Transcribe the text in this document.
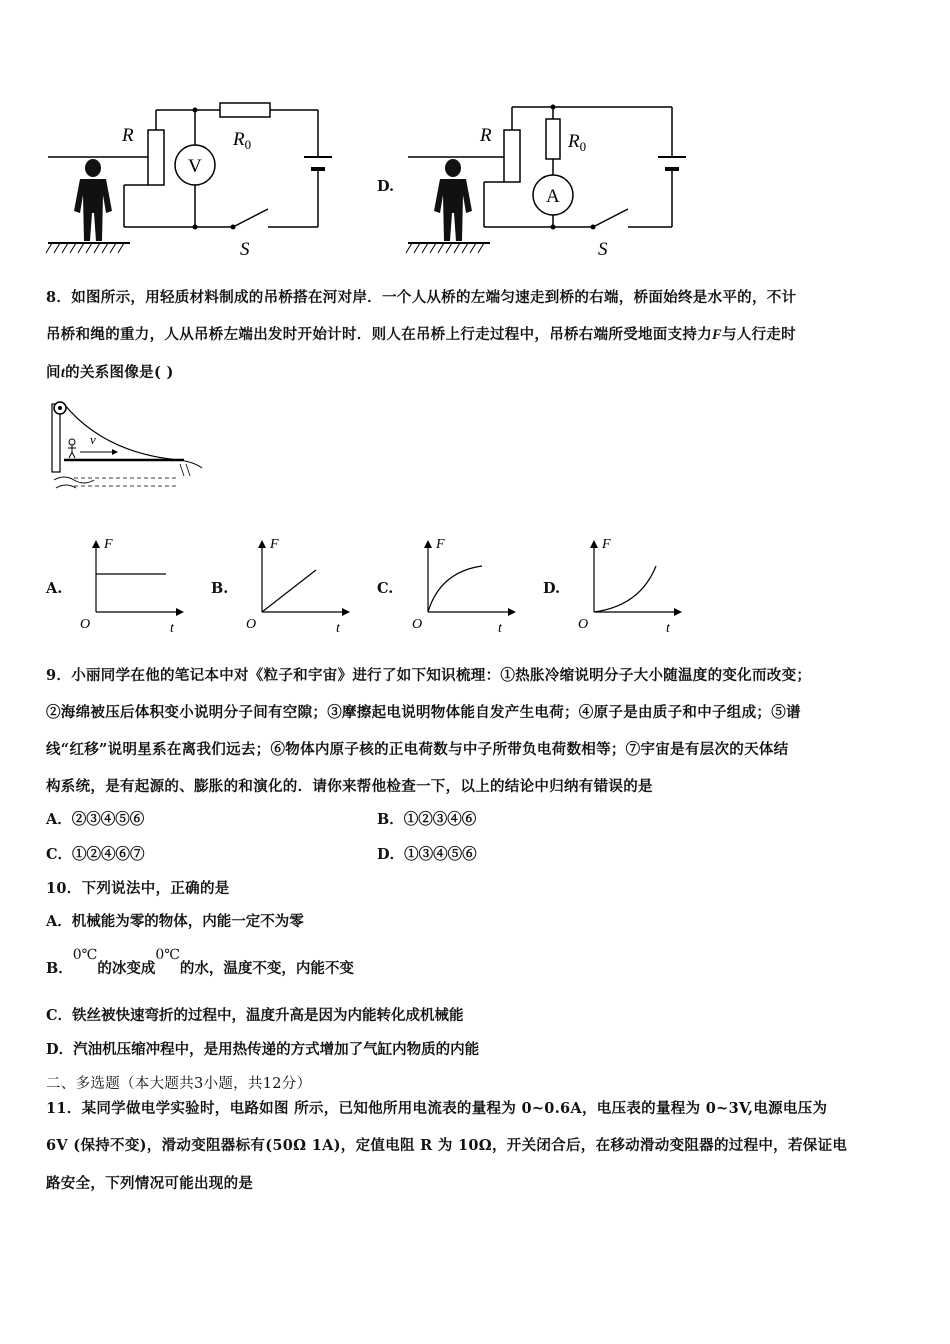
R	$R_0$
S
V
D.
R
S
$R_0$
A
8．如图所示，用轻质材料制成的吊桥搭在河对岸．一个人从桥的左端匀速走到桥的右端，桥面始终是水平的，不计
吊桥和绳的重力，人从吊桥左端出发时开始计时．则人在吊桥上行走过程中，吊桥右端所受地面支持力F与人行走时
间t的关系图像是( )
v
A.
F
t
O
B.
F
t
O
C.
F
t
O
D.
F
t
O
9．小丽同学在他的笔记本中对《粒子和宇宙》进行了如下知识梳理：①热胀冷缩说明分子大小随温度的变化而改变；
②海绵被压后体积变小说明分子间有空隙；③摩擦起电说明物体能自发产生电荷；④原子是由质子和中子组成；⑤谱
线“红移”说明星系在离我们远去；⑥物体内原子核的正电荷数与中子所带负电荷数相等；⑦宇宙是有层次的天体结
构系统，是有起源的、膨胀的和演化的．请你来帮他检查一下，以上的结论中归纳有错误的是
A．②③④⑤⑥	B．①②③④⑥
C．①②④⑥⑦	D．①③④⑤⑥
10．下列说法中，正确的是
A．机械能为零的物体，内能一定不为零
B．0℃的冰变成0℃的水，温度不变，内能不变
C．铁丝被快速弯折的过程中，温度升高是因为内能转化成机械能
D．汽油机压缩冲程中，是用热传递的方式增加了气缸内物质的内能
二、多选题（本大题共3小题，共12分）
11．某同学做电学实验时，电路如图 所示，已知他所用电流表的量程为 0~0.6A，电压表的量程为 0~3V,电源电压为
6V (保持不变)，滑动变阻器标有(50Ω 1A)，定值电阻 R 为 10Ω，开关闭合后，在移动滑动变阻器的过程中，若保证电
路安全，下列情况可能出现的是
